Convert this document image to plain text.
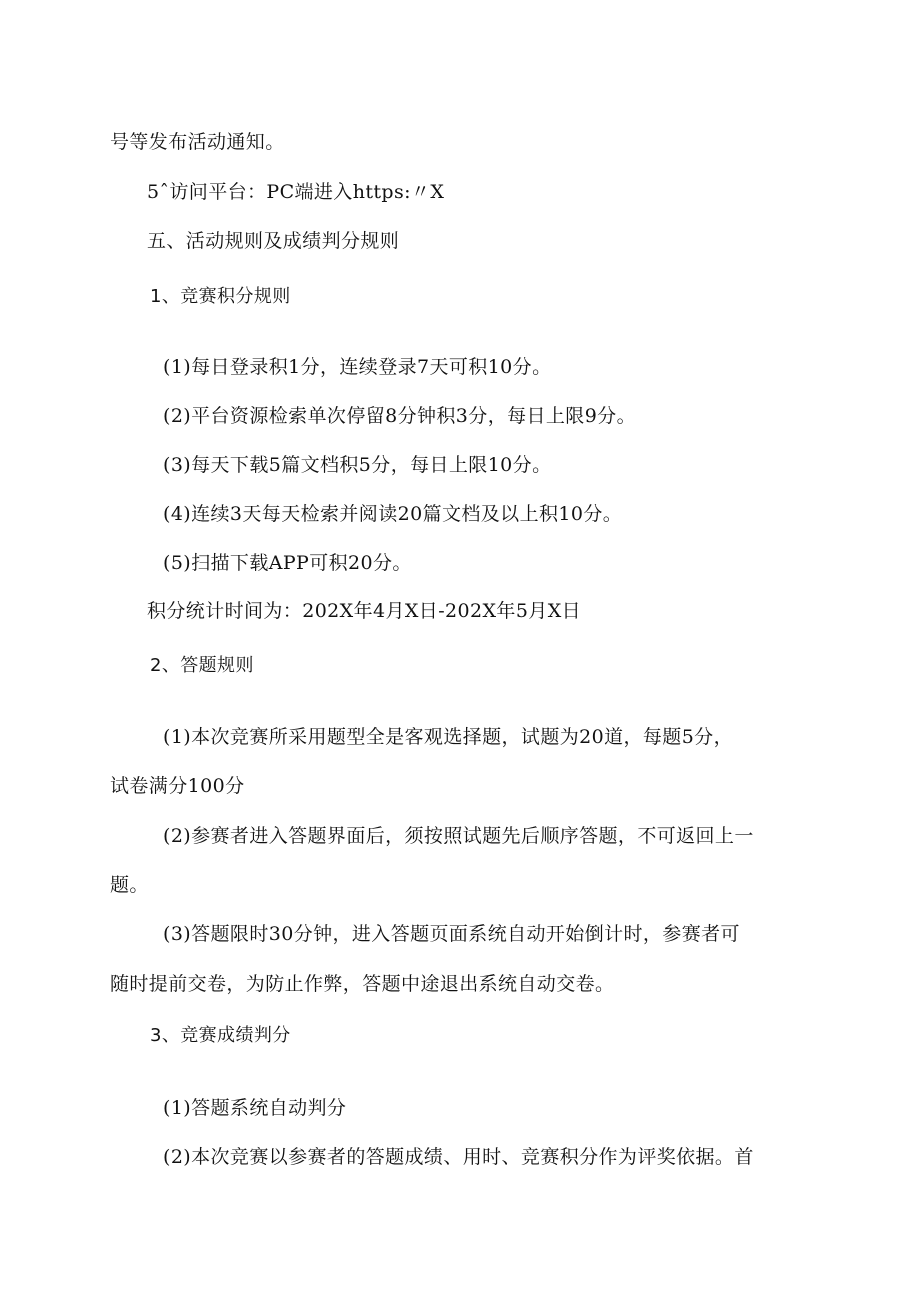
号等发布活动通知。
5ˆ访问平台：PC端进入https:〃X
五、活动规则及成绩判分规则
1、竞赛积分规则
(1)每日登录积1分，连续登录7天可积10分。
(2)平台资源检索单次停留8分钟积3分，每日上限9分。
(3)每天下载5篇文档积5分，每日上限10分。
(4)连续3天每天检索并阅读20篇文档及以上积10分。
(5)扫描下载APP可积20分。
积分统计时间为：202X年4月X日-202X年5月X日
2、答题规则
(1)本次竞赛所采用题型全是客观选择题，试题为20道，每题5分，
试卷满分100分
(2)参赛者进入答题界面后，须按照试题先后顺序答题，不可返回上一
题。
(3)答题限时30分钟，进入答题页面系统自动开始倒计时，参赛者可
随时提前交卷，为防止作弊，答题中途退出系统自动交卷。
3、竞赛成绩判分
(1)答题系统自动判分
(2)本次竞赛以参赛者的答题成绩、用时、竞赛积分作为评奖依据。首
